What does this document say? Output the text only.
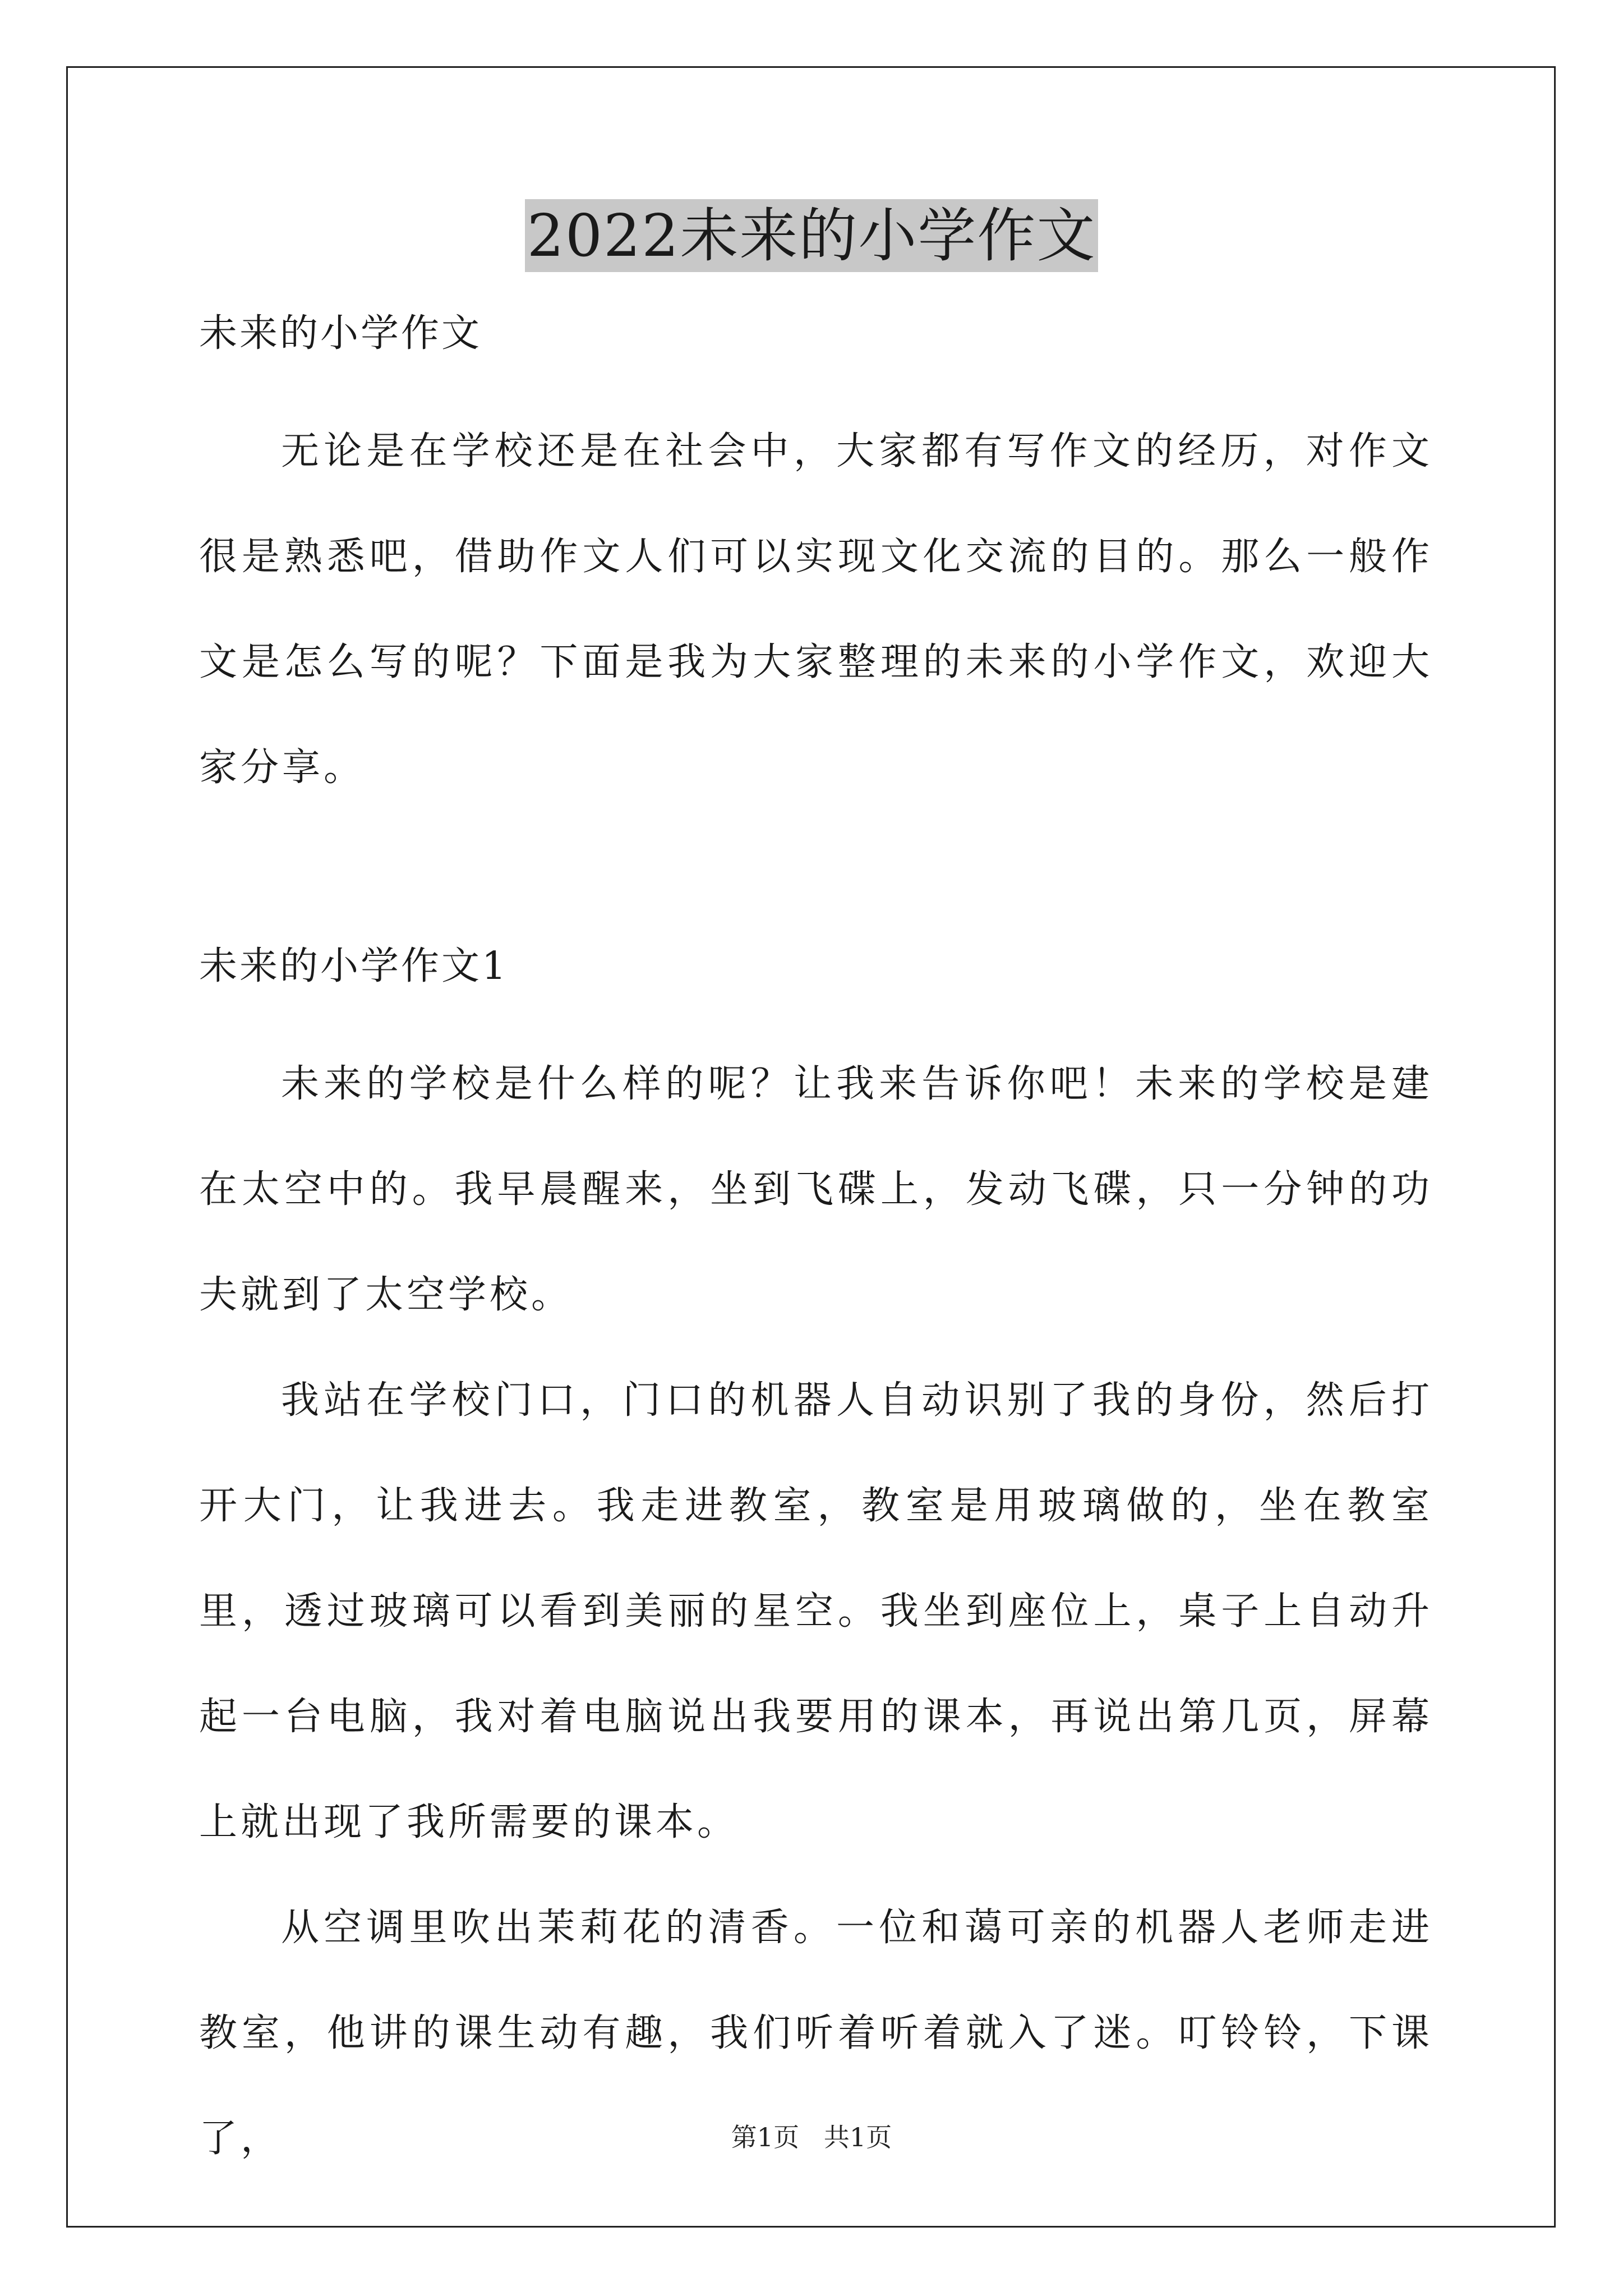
2022未来的小学作文

未来的小学作文

无论是在学校还是在社会中，大家都有写作文的经历，对作文很是熟悉吧，借助作文人们可以实现文化交流的目的。那么一般作文是怎么写的呢？下面是我为大家整理的未来的小学作文，欢迎大家分享。

未来的小学作文1

未来的学校是什么样的呢？让我来告诉你吧！未来的学校是建在太空中的。我早晨醒来，坐到飞碟上，发动飞碟，只一分钟的功夫就到了太空学校。

我站在学校门口，门口的机器人自动识别了我的身份，然后打开大门，让我进去。我走进教室，教室是用玻璃做的，坐在教室里，透过玻璃可以看到美丽的星空。我坐到座位上，桌子上自动升起一台电脑，我对着电脑说出我要用的课本，再说出第几页，屏幕上就出现了我所需要的课本。

从空调里吹出茉莉花的清香。一位和蔼可亲的机器人老师走进教室，他讲的课生动有趣，我们听着听着就入了迷。叮铃铃，下课了，	第1页   共1页
